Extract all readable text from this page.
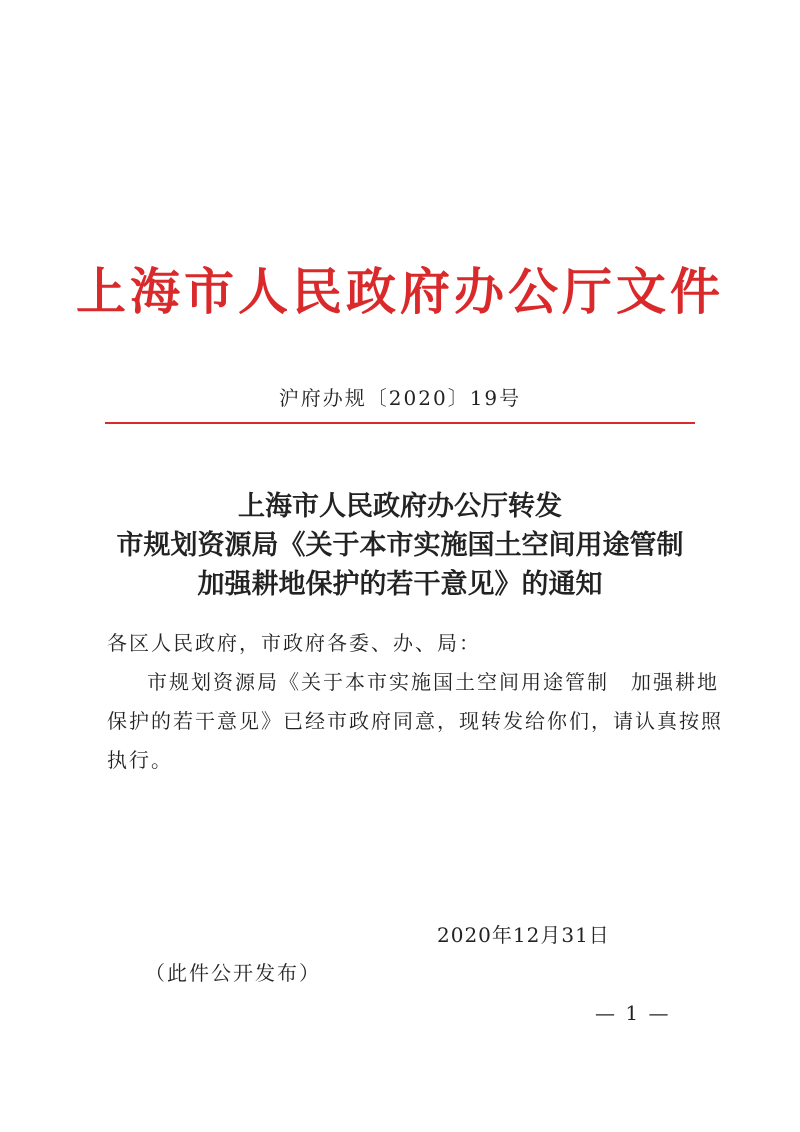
上海市人民政府办公厅文件
沪府办规〔2020〕19号
上海市人民政府办公厅转发
市规划资源局《关于本市实施国土空间用途管制
加强耕地保护的若干意见》的通知
各区人民政府，市政府各委、办、局：
市规划资源局《关于本市实施国土空间用途管制　加强耕地
保护的若干意见》已经市政府同意，现转发给你们，请认真按照
执行。
2020年12月31日
（此件公开发布）
— 1 —
